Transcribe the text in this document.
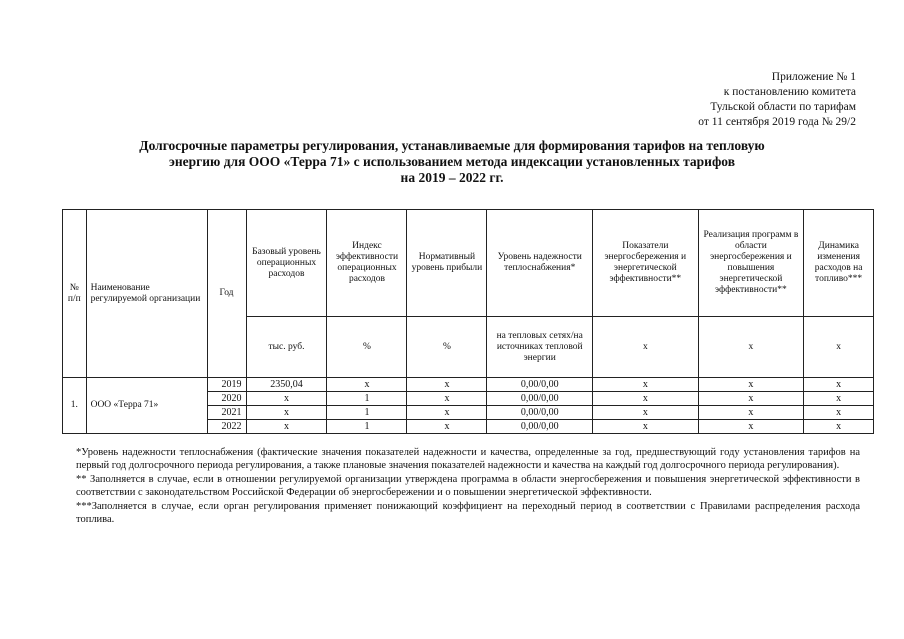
Приложение № 1
к постановлению комитета
Тульской области по тарифам
от 11 сентября 2019 года № 29/2
Долгосрочные параметры регулирования, устанавливаемые для формирования тарифов на тепловую
энергию для ООО «Терра 71» с использованием метода индексации установленных тарифов
на 2019 – 2022 гг.
№ п/п	Наименование регулируемой организации	Год	Базовый уровень операционных расходов	Индекс эффективности операционных расходов	Нормативный уровень прибыли	Уровень надежности теплоснабжения*	Показатели энергосбережения и энергетической эффективности**	Реализация программ в области энергосбережения и повышения энергетической эффективности**	Динамика изменения расходов на топливо***
			тыс. руб.	%	%	на тепловых сетях/на источниках тепловой энергии	х	х	х
1.	ООО «Терра 71»	2019	2350,04	х	х	0,00/0,00	х	х	х
		2020	х	1	х	0,00/0,00	х	х	х
		2021	х	1	х	0,00/0,00	х	х	х
		2022	х	1	х	0,00/0,00	х	х	х

*Уровень надежности теплоснабжения (фактические значения показателей надежности и качества, определенные за год, предшествующий году установления тарифов на первый год долгосрочного периода регулирования, а также плановые значения показателей надежности и качества на каждый год долгосрочного периода регулирования).

** Заполняется в случае, если в отношении регулируемой организации утверждена программа в области энергосбережения и повышения энергетической эффективности в соответствии с законодательством Российской Федерации об энергосбережении и о повышении энергетической эффективности.

***Заполняется в случае, если орган регулирования применяет понижающий коэффициент на переходный период в соответствии с Правилами распределения расхода топлива.
